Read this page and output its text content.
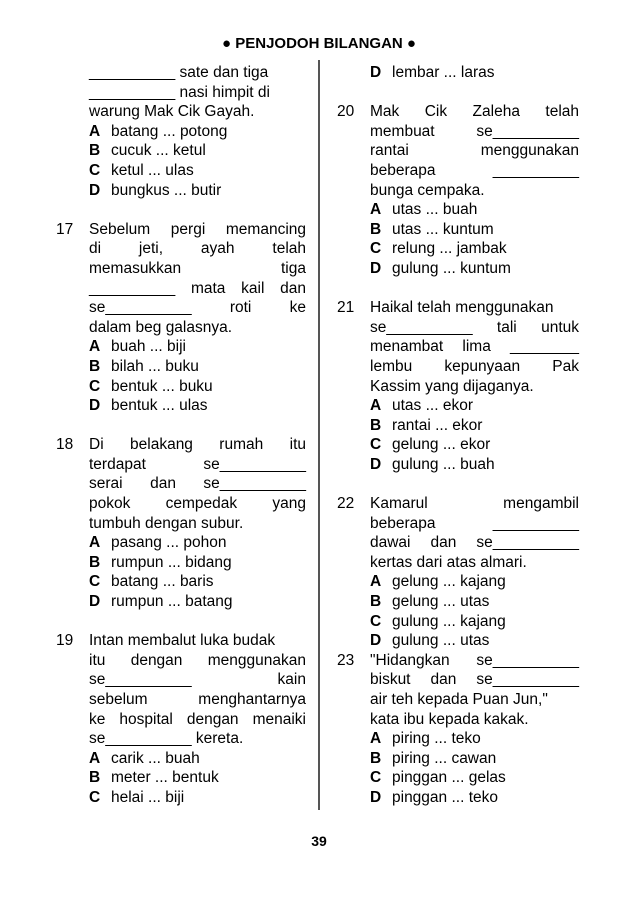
● PENJODOH BILANGAN ●
__________ sate dan tiga
__________ nasi himpit di
warung Mak Cik Gayah.
A batang ... potong
B cucuk ... ketul
C ketul ... ulas
D bungkus ... butir
17	Sebelum pergi memancing
di jeti, ayah telah
memasukkan tiga
__________ mata kail dan
se__________ roti ke
dalam beg galasnya.
A buah ... biji
B bilah ... buku
C bentuk ... buku
D bentuk ... ulas
18	Di belakang rumah itu
terdapat se__________
serai dan se__________
pokok cempedak yang
tumbuh dengan subur.
A pasang ... pohon
B rumpun ... bidang
C batang ... baris
D rumpun ... batang
19	Intan membalut luka budak
itu dengan menggunakan
se__________ kain
sebelum menghantarnya
ke hospital dengan menaiki
se__________ kereta.
A carik ... buah
B meter ... bentuk
C helai ... biji
D lembar ... laras
20	Mak Cik Zaleha telah
membuat se__________
rantai menggunakan
beberapa __________
bunga cempaka.
A utas ... buah
B utas ... kuntum
C relung ... jambak
D gulung ... kuntum
21	Haikal telah menggunakan
se__________ tali untuk
menambat lima ________
lembu kepunyaan Pak
Kassim yang dijaganya.
A utas ... ekor
B rantai ... ekor
C gelung ... ekor
D gulung ... buah
22	Kamarul mengambil
beberapa __________
dawai dan se__________
kertas dari atas almari.
A gelung ... kajang
B gelung ... utas
C gulung ... kajang
D gulung ... utas
23	"Hidangkan se__________
biskut dan se__________
air teh kepada Puan Jun,"
kata ibu kepada kakak.
A piring ... teko
B piring ... cawan
C pinggan ... gelas
D pinggan ... teko
39
